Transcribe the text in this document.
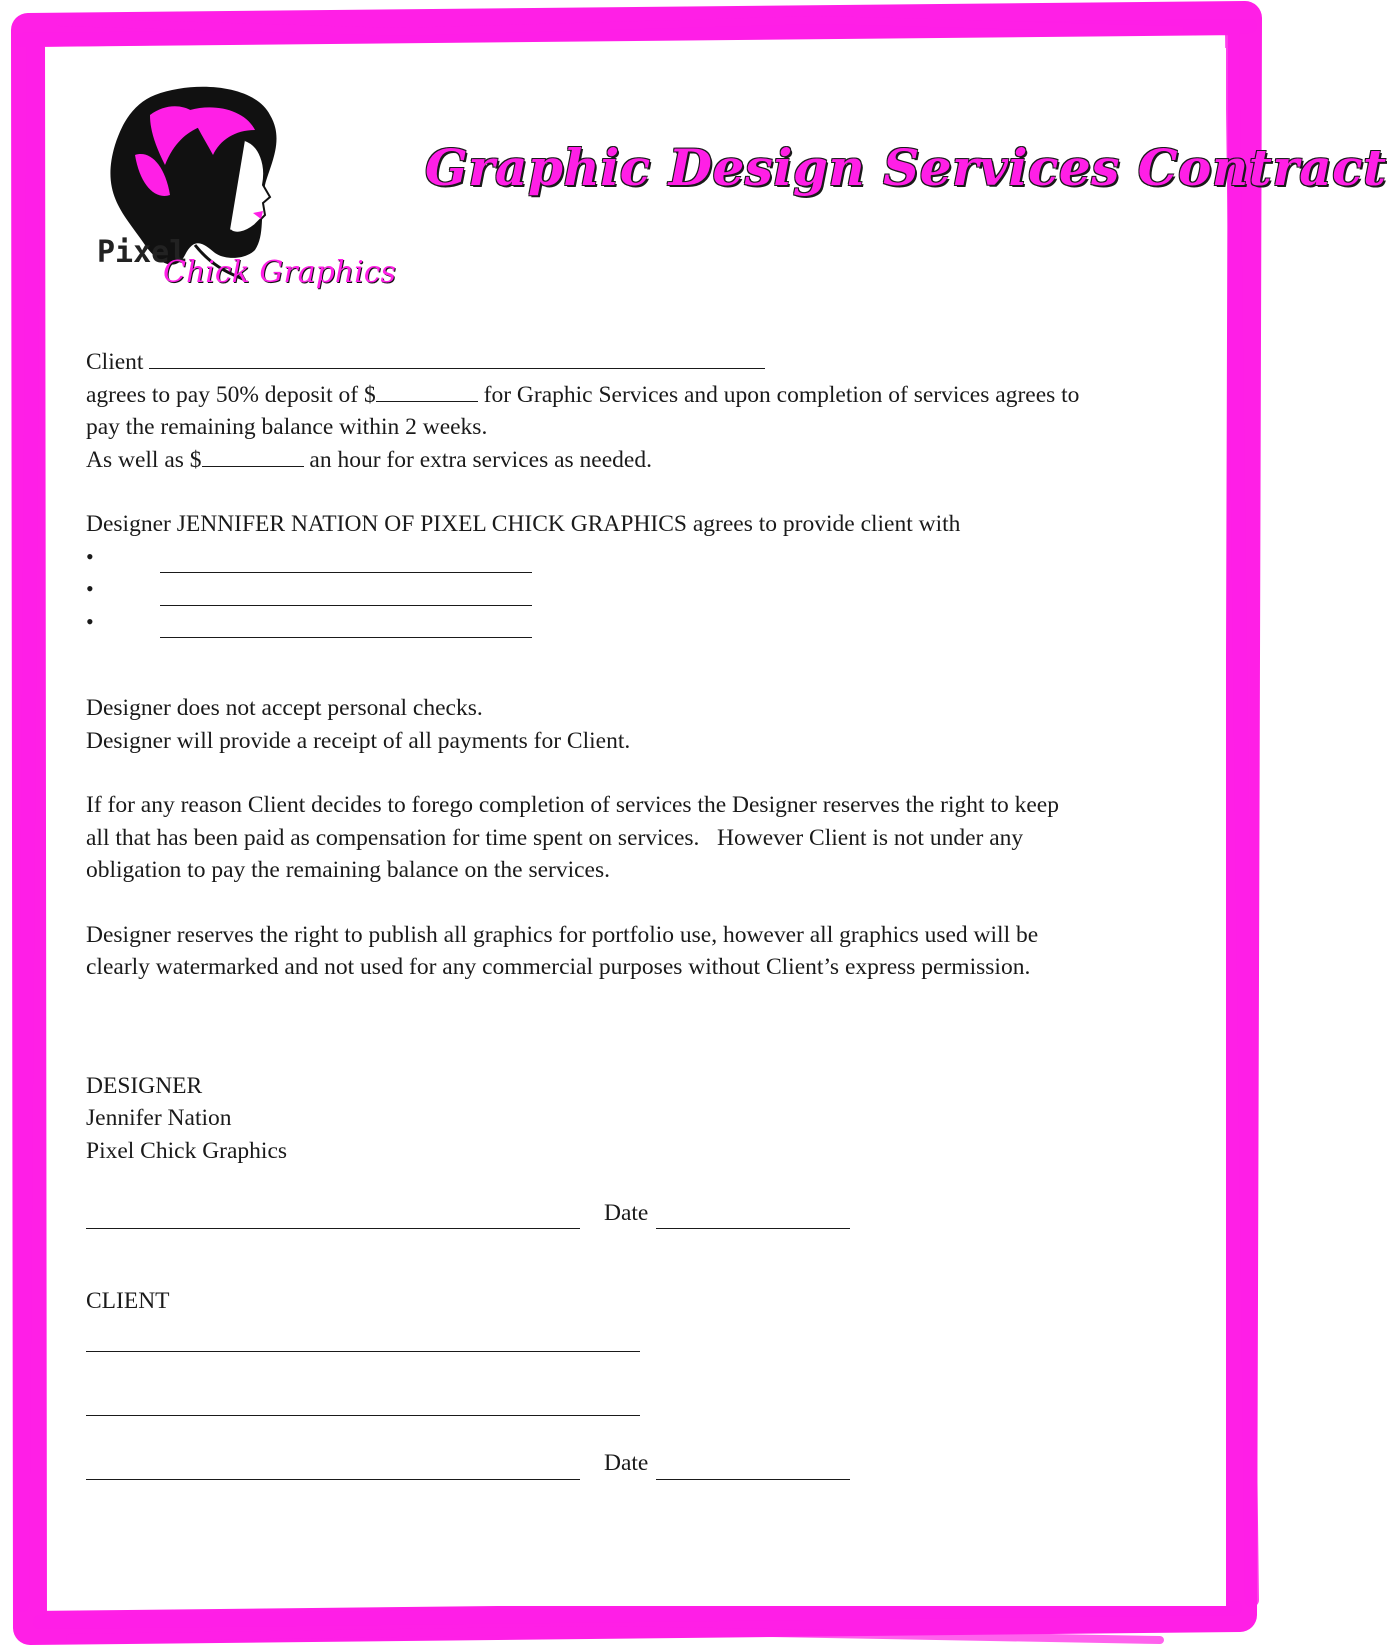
Pixel
Chick Graphics
Graphic Design Services Contract
Client
agrees to pay 50% deposit of $	for Graphic Services and upon completion of services agrees to
pay the remaining balance within 2 weeks.
As well as $	an hour for extra services as needed.
Designer JENNIFER NATION OF PIXEL CHICK GRAPHICS agrees to provide client with
•
•
•
Designer does not accept personal checks.
Designer will provide a receipt of all payments for Client.
If for any reason Client decides to forego completion of services the Designer reserves the right to keep
all that has been paid as compensation for time spent on services.   However Client is not under any
obligation to pay the remaining balance on the services.
Designer reserves the right to publish all graphics for portfolio use, however all graphics used will be
clearly watermarked and not used for any commercial purposes without Client’s express permission.
DESIGNER
Jennifer Nation
Pixel Chick Graphics
Date
CLIENT
Date
